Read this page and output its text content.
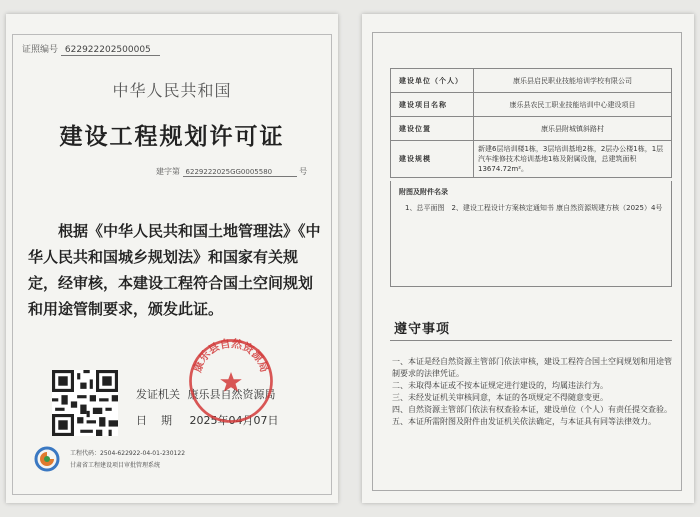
证照编号 622922202500005
中华人民共和国
建设工程规划许可证
建字第 6229222025GG0005580	号
根据《中华人民共和国土地管理法》《中华人民共和国城乡规划法》和国家有关规定，经审核，本建设工程符合国土空间规划和用途管制要求，颁发此证。
发证机关 康乐县自然资源局
日期 2025年04月07日
康乐县自然资源局
工程代码：2504-622922-04-01-230122
甘肃省工程建设项目审批管理系统
建设单位（个人）	康乐县启民职业技能培训学校有限公司
建设项目名称	康乐县农民工职业技能培训中心建设项目
建设位置	康乐县附城镇斜路村
建设规模	新建6层培训楼1栋，3层培训基地2栋，2层办公楼1栋，1层汽车维修技术培训基地1栋及附属设施，总建筑面积13674.72m²。
附图及附件名录
1、总平面图　2、建设工程设计方案核定通知书 康自然资源规建方核（2025）4号
遵守事项
一、本证是经自然资源主管部门依法审核，建设工程符合国土空间规划和用途管制要求的法律凭证。
二、未取得本证或不按本证规定进行建设的，均属违法行为。
三、未经发证机关审核同意，本证的各项规定不得随意变更。
四、自然资源主管部门依法有权查验本证，建设单位（个人）有责任提交查验。
五、本证所需附图及附件由发证机关依法确定，与本证具有同等法律效力。
